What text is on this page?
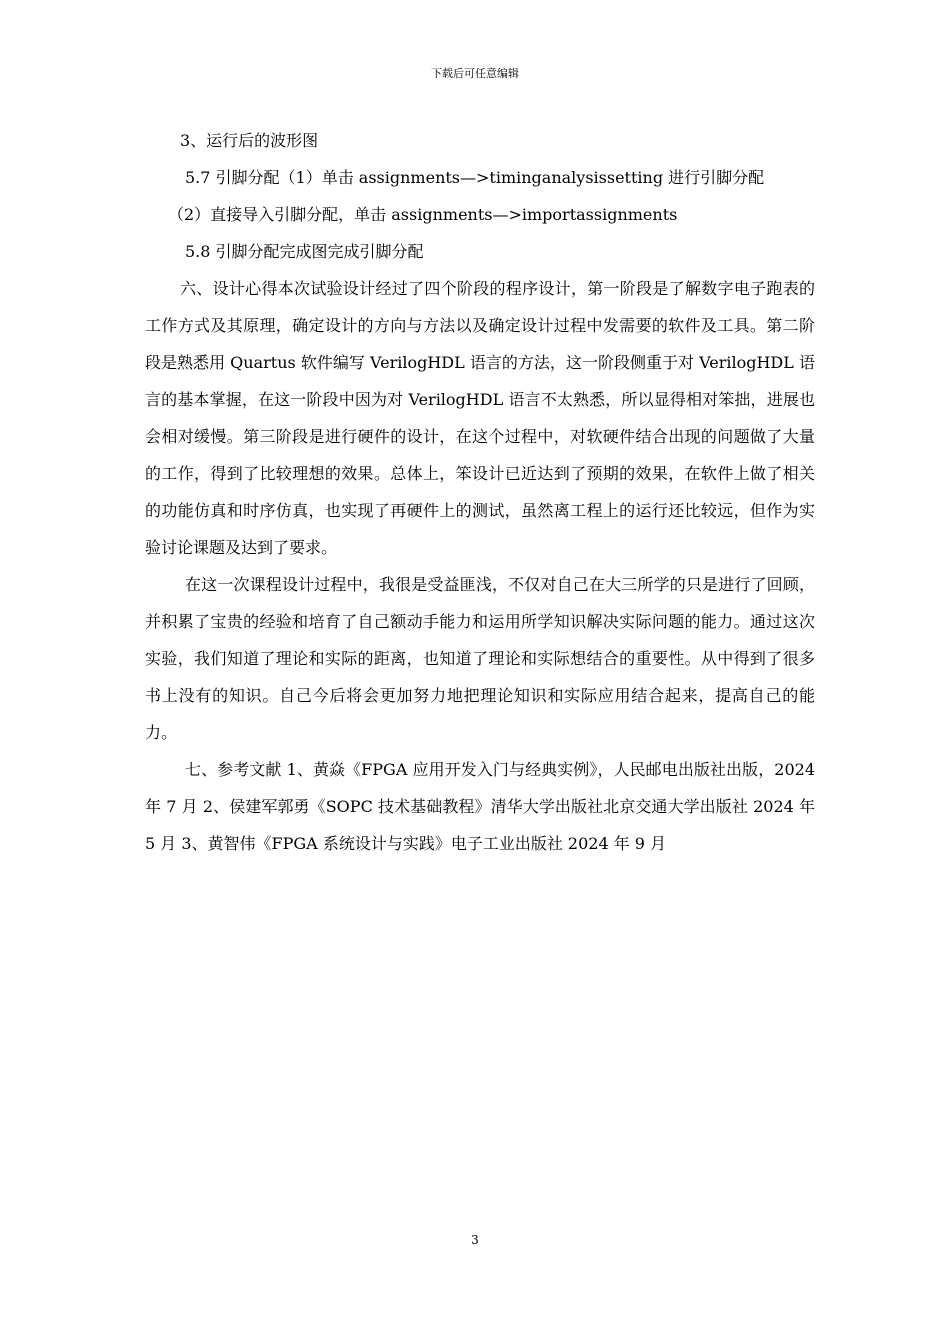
下载后可任意编辑

3、运行后的波形图

5.7 引脚分配（1）单击 assignments—>timinganalysissetting 进行引脚分配

（2）直接导入引脚分配，单击 assignments—>importassignments

5.8 引脚分配完成图完成引脚分配

六、设计心得本次试验设计经过了四个阶段的程序设计，第一阶段是了解数字电子跑表的工作方式及其原理，确定设计的方向与方法以及确定设计过程中发需要的软件及工具。第二阶段是熟悉用 Quartus 软件编写 VerilogHDL 语言的方法，这一阶段侧重于对 VerilogHDL 语言的基本掌握，在这一阶段中因为对 VerilogHDL 语言不太熟悉，所以显得相对笨拙，进展也会相对缓慢。第三阶段是进行硬件的设计，在这个过程中，对软硬件结合出现的问题做了大量的工作，得到了比较理想的效果。总体上，笨设计已近达到了预期的效果，在软件上做了相关的功能仿真和时序仿真，也实现了再硬件上的测试，虽然离工程上的运行还比较远，但作为实验讨论课题及达到了要求。

在这一次课程设计过程中，我很是受益匪浅，不仅对自己在大三所学的只是进行了回顾，并积累了宝贵的经验和培育了自己额动手能力和运用所学知识解决实际问题的能力。通过这次实验，我们知道了理论和实际的距离，也知道了理论和实际想结合的重要性。从中得到了很多书上没有的知识。自己今后将会更加努力地把理论知识和实际应用结合起来，提高自己的能力。

七、参考文献 1、黄焱《FPGA 应用开发入门与经典实例》，人民邮电出版社出版，2024 年 7 月 2、侯建军郭勇《SOPC 技术基础教程》清华大学出版社北京交通大学出版社 2024 年 5 月 3、黄智伟《FPGA 系统设计与实践》电子工业出版社 2024 年 9 月

3
